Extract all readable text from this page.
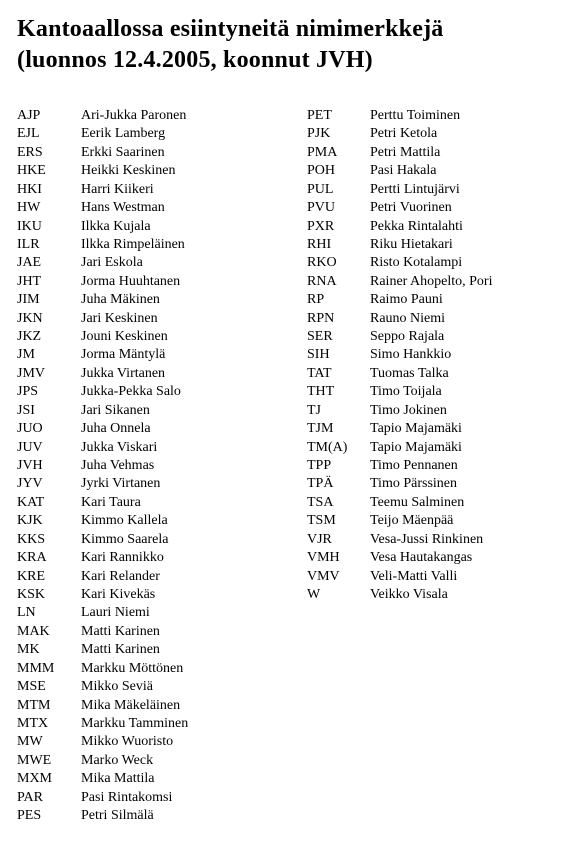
Kantoaallossa esiintyneitä nimimerkkejä
(luonnos 12.4.2005, koonnut JVH)
AJP	Ari-Jukka Paronen
EJL	Eerik Lamberg
ERS	Erkki Saarinen
HKE	Heikki Keskinen
HKI	Harri Kiikeri
HW	Hans Westman
IKU	Ilkka Kujala
ILR	Ilkka Rimpeläinen
JAE	Jari Eskola
JHT	Jorma Huuhtanen
JIM	Juha Mäkinen
JKN	Jari Keskinen
JKZ	Jouni Keskinen
JM	Jorma Mäntylä
JMV	Jukka Virtanen
JPS	Jukka-Pekka Salo
JSI	Jari Sikanen
JUO	Juha Onnela
JUV	Jukka Viskari
JVH	Juha Vehmas
JYV	Jyrki Virtanen
KAT	Kari Taura
KJK	Kimmo Kallela
KKS	Kimmo Saarela
KRA Kari Rannikko
KRE	Kari Relander
KSK	Kari Kivekäs
LN	Lauri Niemi
MAK Matti Karinen
MK	Matti Karinen
MMM Markku Möttönen
MSE	Mikko Seviä
MTM Mika Mäkeläinen
MTX Markku Tamminen
MW	Mikko Wuoristo
MWE Marko Weck
MXM Mika Mattila
PAR	Pasi Rintakomsi
PES	Petri Silmälä
PET	Perttu Toiminen
PJK	Petri Ketola
PMA Petri Mattila
POH Pasi Hakala
PUL	Pertti Lintujärvi
PVU Petri Vuorinen
PXR	Pekka Rintalahti
RHI	Riku Hietakari
RKO Risto Kotalampi
RNA Rainer Ahopelto, Pori
RP	Raimo Pauni
RPN	Rauno Niemi
SER	Seppo Rajala
SIH	Simo Hankkio
TAT	Tuomas Talka
THT	Timo Toijala
TJ	Timo Jokinen
TJM	Tapio Majamäki
TM(A) Tapio Majamäki
TPP	Timo Pennanen
TPÄ	Timo Pärssinen
TSA	Teemu Salminen
TSM Teijo Mäenpää
VJR	Vesa-Jussi Rinkinen
VMH Vesa Hautakangas
VMV Veli-Matti Valli
W	Veikko Visala
